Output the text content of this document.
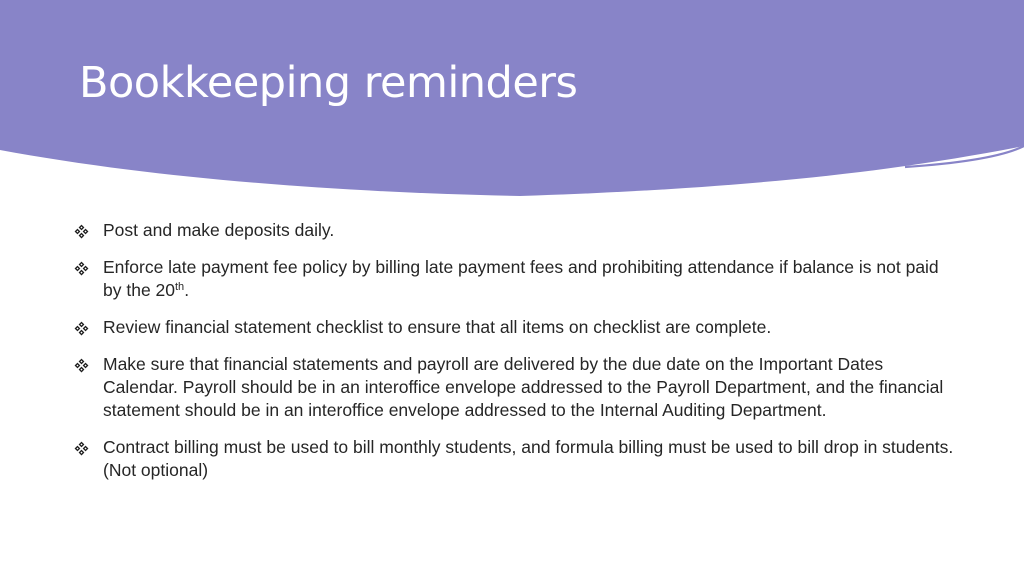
Bookkeeping reminders
Post and make deposits daily.
Enforce late payment fee policy by billing late payment fees and prohibiting attendance if balance is not paid by the 20th.
Review financial statement checklist to ensure that all items on checklist are complete.
Make sure that financial statements and payroll are delivered by the due date on the Important Dates Calendar. Payroll should be in an interoffice envelope addressed to the Payroll Department, and the financial statement should be in an interoffice envelope addressed to the Internal Auditing Department.
Contract billing must be used to bill monthly students, and formula billing must be used to bill drop in students. (Not optional)
